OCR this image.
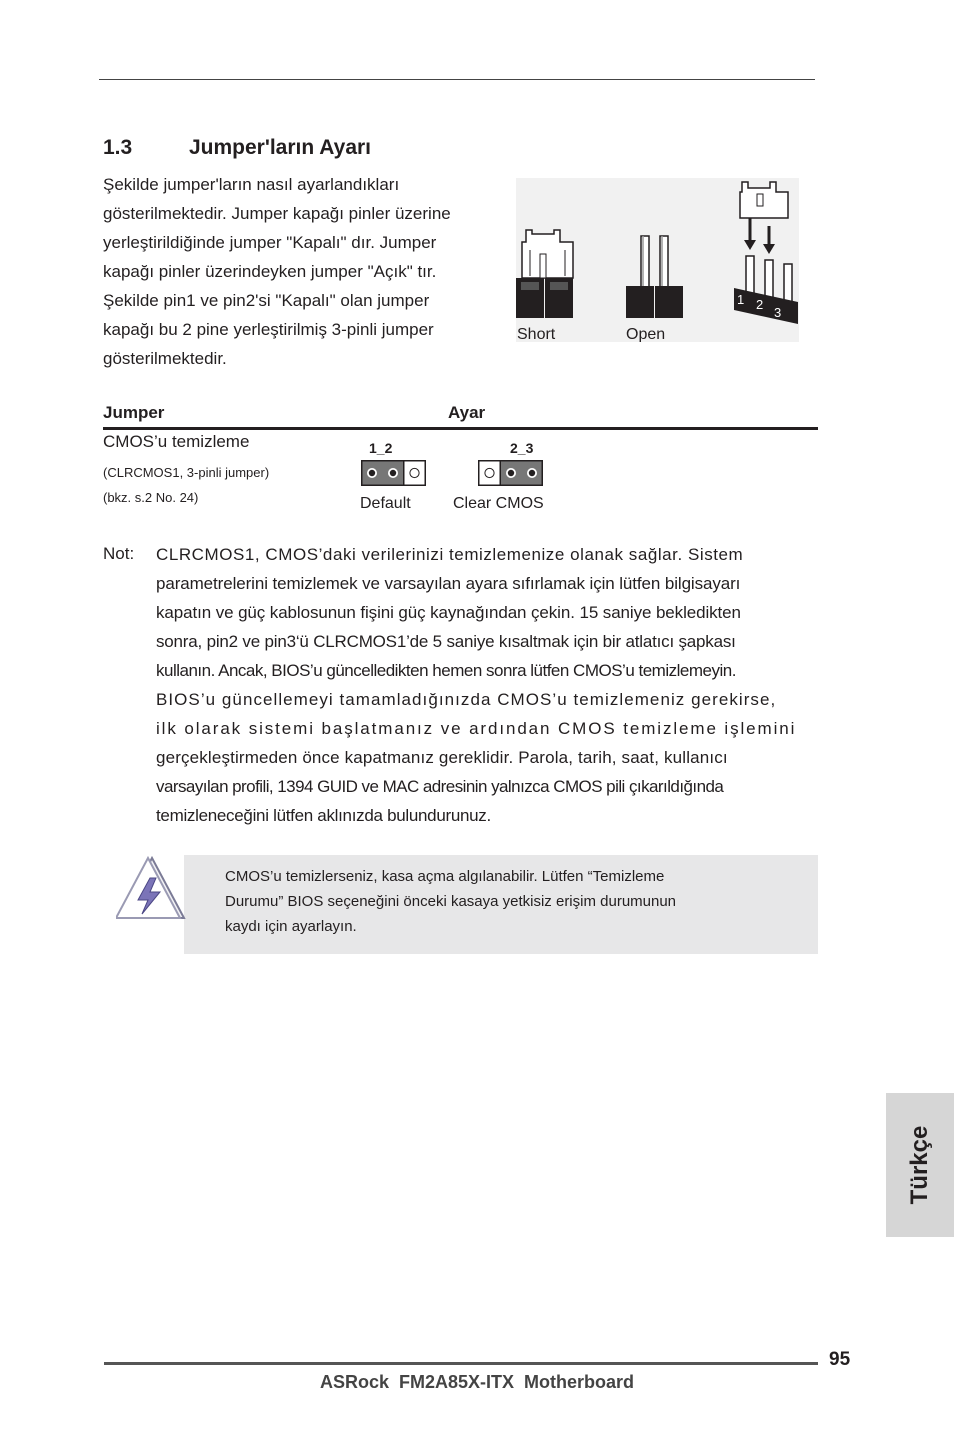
1.3	Jumper'ların Ayarı
Şekilde jumper'ların nasıl ayarlandıkları
gösterilmektedir. Jumper kapağı pinler üzerine
yerleştirildiğinde jumper "Kapalı" dır. Jumper
kapağı pinler üzerindeyken jumper "Açık" tır.
Şekilde pin1 ve pin2'si "Kapalı" olan jumper
kapağı bu 2 pine yerleştirilmiş 3-pinli jumper
gösterilmektedir.
1 2
3
Short	Open
Jumper	Ayar
CMOS’u temizleme
(CLRCMOS1, 3-pinli jumper)
(bkz. s.2 No. 24)
1_2
Default
2_3
Clear CMOS
Not: CLRCMOS1, CMOS’daki verilerinizi temizlemenize olanak sağlar. Sistem
parametrelerini temizlemek ve varsayılan ayara sıfırlamak için lütfen bilgisayarı
kapatın ve güç kablosunun fişini güç kaynağından çekin. 15 saniye bekledikten
sonra, pin2 ve pin3‘ü CLRCMOS1’de 5 saniye kısaltmak için bir atlatıcı şapkası
kullanın. Ancak, BIOS’u güncelledikten hemen sonra lütfen CMOS’u temizlemeyin.
BIOS’u güncellemeyi tamamladığınızda CMOS’u temizlemeniz gerekirse,
ilk olarak sistemi başlatmanız ve ardından CMOS temizleme işlemini
gerçekleştirmeden önce kapatmanız gereklidir. Parola, tarih, saat, kullanıcı
varsayılan profili, 1394 GUID ve MAC adresinin yalnızca CMOS pili çıkarıldığında
temizleneceğini lütfen aklınızda bulundurunuz.
CMOS’u temizlerseniz, kasa açma algılanabilir. Lütfen “Temizleme
Durumu” BIOS seçeneğini önceki kasaya yetkisiz erişim durumunun
kaydı için ayarlayın.
Türkçe
95
ASRock  FM2A85X-ITX  Motherboard
